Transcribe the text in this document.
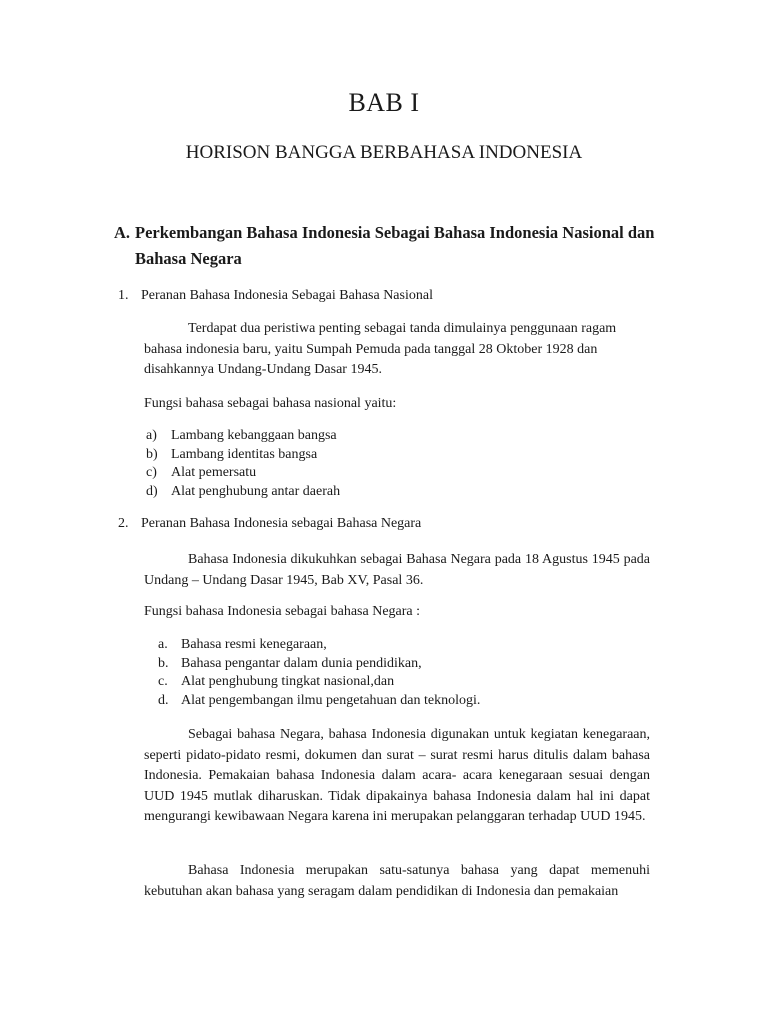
BAB I
HORISON BANGGA BERBAHASA INDONESIA
A. Perkembangan Bahasa Indonesia Sebagai Bahasa Indonesia Nasional dan Bahasa Negara
1. Peranan Bahasa Indonesia Sebagai Bahasa Nasional

Terdapat dua peristiwa penting sebagai tanda dimulainya penggunaan ragam bahasa indonesia baru, yaitu Sumpah Pemuda pada tanggal 28 Oktober 1928 dan disahkannya Undang-Undang Dasar 1945.

Fungsi bahasa sebagai bahasa nasional yaitu:
a) Lambang kebanggaan bangsa
b) Lambang identitas bangsa
c) Alat pemersatu
d) Alat penghubung antar daerah
2. Peranan Bahasa Indonesia sebagai Bahasa Negara

Bahasa Indonesia dikukuhkan sebagai Bahasa Negara pada 18 Agustus 1945 pada Undang – Undang Dasar 1945, Bab XV, Pasal 36.

Fungsi bahasa Indonesia sebagai bahasa Negara :
a. Bahasa resmi kenegaraan,
b. Bahasa pengantar dalam dunia pendidikan,
c. Alat penghubung tingkat nasional,dan
d. Alat pengembangan ilmu pengetahuan dan teknologi.

Sebagai bahasa Negara, bahasa Indonesia digunakan untuk kegiatan kenegaraan, seperti pidato-pidato resmi, dokumen dan surat – surat resmi harus ditulis dalam bahasa Indonesia. Pemakaian bahasa Indonesia dalam acara- acara kenegaraan sesuai dengan UUD 1945 mutlak diharuskan. Tidak dipakainya bahasa Indonesia dalam hal ini dapat mengurangi kewibawaan Negara karena ini merupakan pelanggaran terhadap UUD 1945.

Bahasa Indonesia merupakan satu-satunya bahasa yang dapat memenuhi kebutuhan akan bahasa yang seragam dalam pendidikan di Indonesia dan pemakaian
